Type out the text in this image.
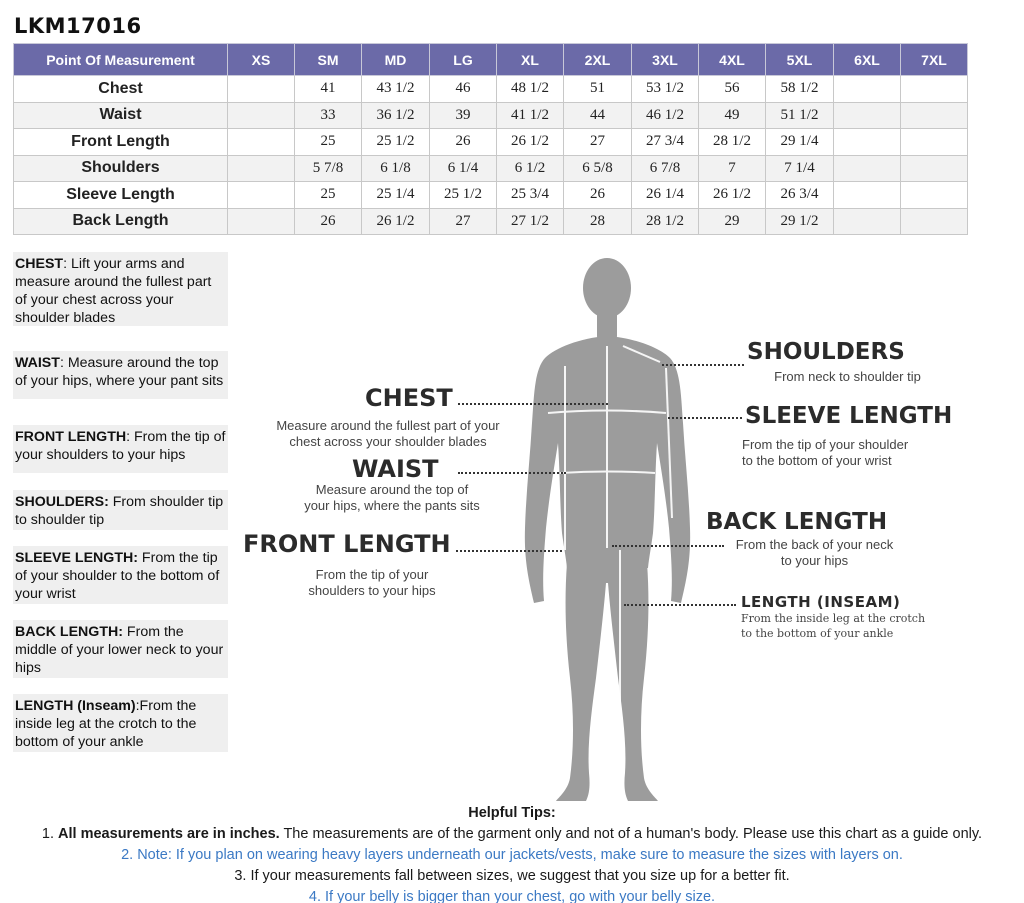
LKM17016
Point Of Measurement	XS	SM	MD	LG	XL	2XL	3XL	4XL	5XL	6XL	7XL
Chest		41	43 1/2	46	48 1/2	51	53 1/2	56	58 1/2		
Waist		33	36 1/2	39	41 1/2	44	46 1/2	49	51 1/2		
Front Length		25	25 1/2	26	26 1/2	27	27 3/4	28 1/2	29 1/4		
Shoulders		5 7/8	6 1/8	6 1/4	6 1/2	6 5/8	6 7/8	7	7 1/4		
Sleeve Length		25	25 1/4	25 1/2	25 3/4	26	26 1/4	26 1/2	26 3/4		
Back Length		26	26 1/2	27	27 1/2	28	28 1/2	29	29 1/2		
CHEST: Lift your arms and measure around the fullest part of your chest across your shoulder blades
WAIST: Measure around the top of your hips, where your pant sits
FRONT LENGTH: From the tip of your shoulders to your hips
SHOULDERS: From shoulder tip to shoulder tip
SLEEVE LENGTH: From the tip of your shoulder to the bottom of your wrist
BACK LENGTH: From the middle of your lower neck to your hips
LENGTH (Inseam):From the inside leg at the crotch to the bottom of your ankle
CHEST
Measure around the fullest part of your
chest across your shoulder blades
WAIST
Measure around the top of
your hips, where the pants sits
FRONT LENGTH
From the tip of your
shoulders to your hips
SHOULDERS
From neck to shoulder tip
SLEEVE LENGTH
From the tip of your shoulder
to the bottom of your wrist
BACK LENGTH
From the back of your neck
to your hips
LENGTH (INSEAM)
From the inside leg at the crotch
to the bottom of your ankle
Helpful Tips:
1. All measurements are in inches. The measurements are of the garment only and not of a human's body. Please use this chart as a guide only.
2. Note: If you plan on wearing heavy layers underneath our jackets/vests, make sure to measure the sizes with layers on.
3. If your measurements fall between sizes, we suggest that you size up for a better fit.
4. If your belly is bigger than your chest, go with your belly size.
